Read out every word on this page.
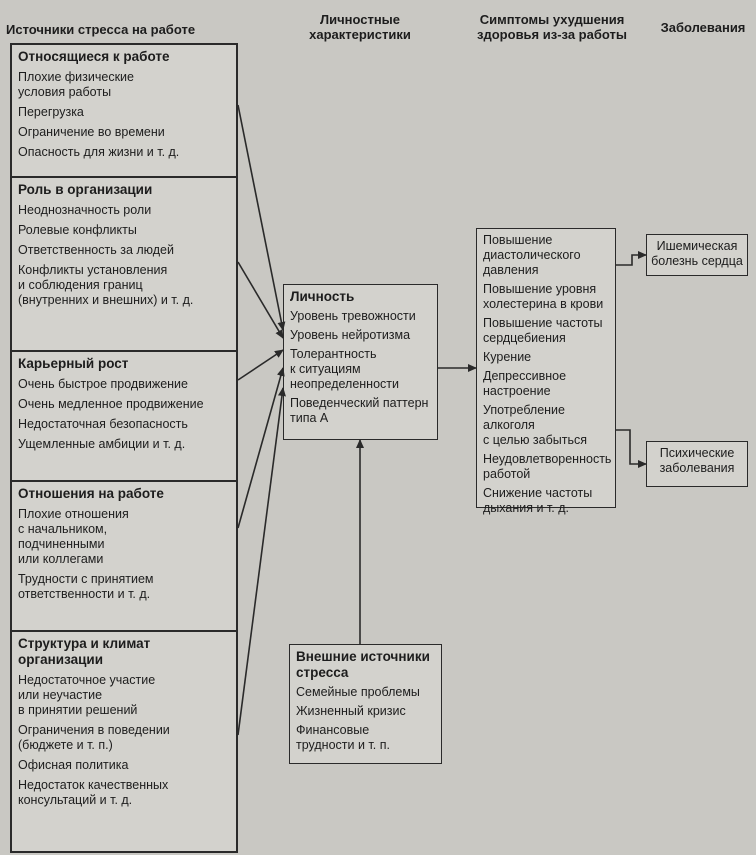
Источники стресса на работе
Личностные
характеристики
Симптомы ухудшения
здоровья из-за работы	Заболевания
Относящиеся к работе
Плохие физические
условия работы
Перегрузка
Ограничение во времени
Опасность для жизни и т. д.
Роль в организации
Неоднозначность роли
Ролевые конфликты
Ответственность за людей
Конфликты установления
и соблюдения границ
(внутренних и внешних) и т. д.
Карьерный рост
Очень быстрое продвижение
Очень медленное продвижение
Недостаточная безопасность
Ущемленные амбиции и т. д.
Отношения на работе
Плохие отношения
с начальником,
подчиненными
или коллегами
Трудности с принятием
ответственности и т. д.
Структура и климат
организации
Недостаточное участие
или неучастие
в принятии решений
Ограничения в поведении
(бюджете и т. п.)
Офисная политика
Недостаток качественных
консультаций и т. д.
Личность
Уровень тревожности
Уровень нейротизма
Толерантность
к ситуациям
неопределенности
Поведенческий паттерн
типа А
Внешние источники
стресса
Семейные проблемы
Жизненный кризис
Финансовые
трудности и т. п.
Повышение
диастолического
давления
Повышение уровня
холестерина в крови
Повышение частоты
сердцебиения
Курение
Депрессивное
настроение
Употребление
алкоголя
с целью забыться
Неудовлетворенность
работой
Снижение частоты
дыхания и т. д.
Ишемическая
болезнь сердца
Психические
заболевания
